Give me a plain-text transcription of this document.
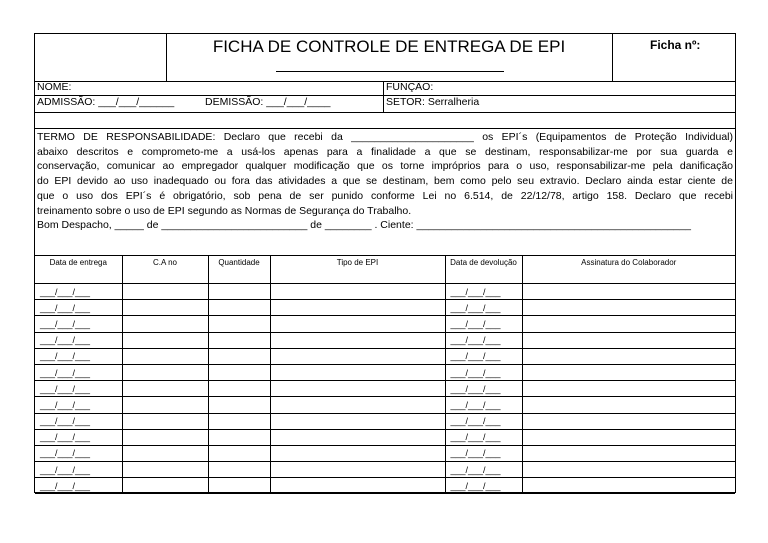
FICHA DE CONTROLE DE ENTREGA DE EPI	Ficha nº:
NOME:	FUNÇÃO:
ADMISSÃO: ___/___/______	DEMISSÃO: ___/___/____	SETOR: Serralheria

TERMO DE RESPONSABILIDADE: Declaro que recebi da _____________________ os EPI´s (Equipamentos de Proteção Individual)

abaixo descritos e comprometo-me a usá-los apenas para a finalidade a que se destinam, responsabilizar-me por sua guarda e

conservação, comunicar ao empregador qualquer modificação que os torne impróprios para o uso, responsabilizar-me pela danificação

do EPI devido ao uso inadequado ou fora das atividades a que se destinam, bem como pelo seu extravio. Declaro ainda estar ciente de

que o uso dos EPI´s é obrigatório, sob pena de ser punido conforme Lei no 6.514, de 22/12/78, artigo 158. Declaro que recebi

treinamento sobre o uso de EPI segundo as Normas de Segurança do Trabalho.

Bom Despacho, _____ de _________________________ de ________ . Ciente: _______________________________________________

Data de entrega	C.A no	Quantidade	Tipo de EPI	Data de devolução	Assinatura do Colaborador
___/___/___				___/___/___	
___/___/___				___/___/___	
___/___/___				___/___/___	
___/___/___				___/___/___	
___/___/___				___/___/___	
___/___/___				___/___/___	
___/___/___				___/___/___	
___/___/___				___/___/___	
___/___/___				___/___/___	
___/___/___				___/___/___	
___/___/___				___/___/___	
___/___/___				___/___/___	
___/___/___				___/___/___	
